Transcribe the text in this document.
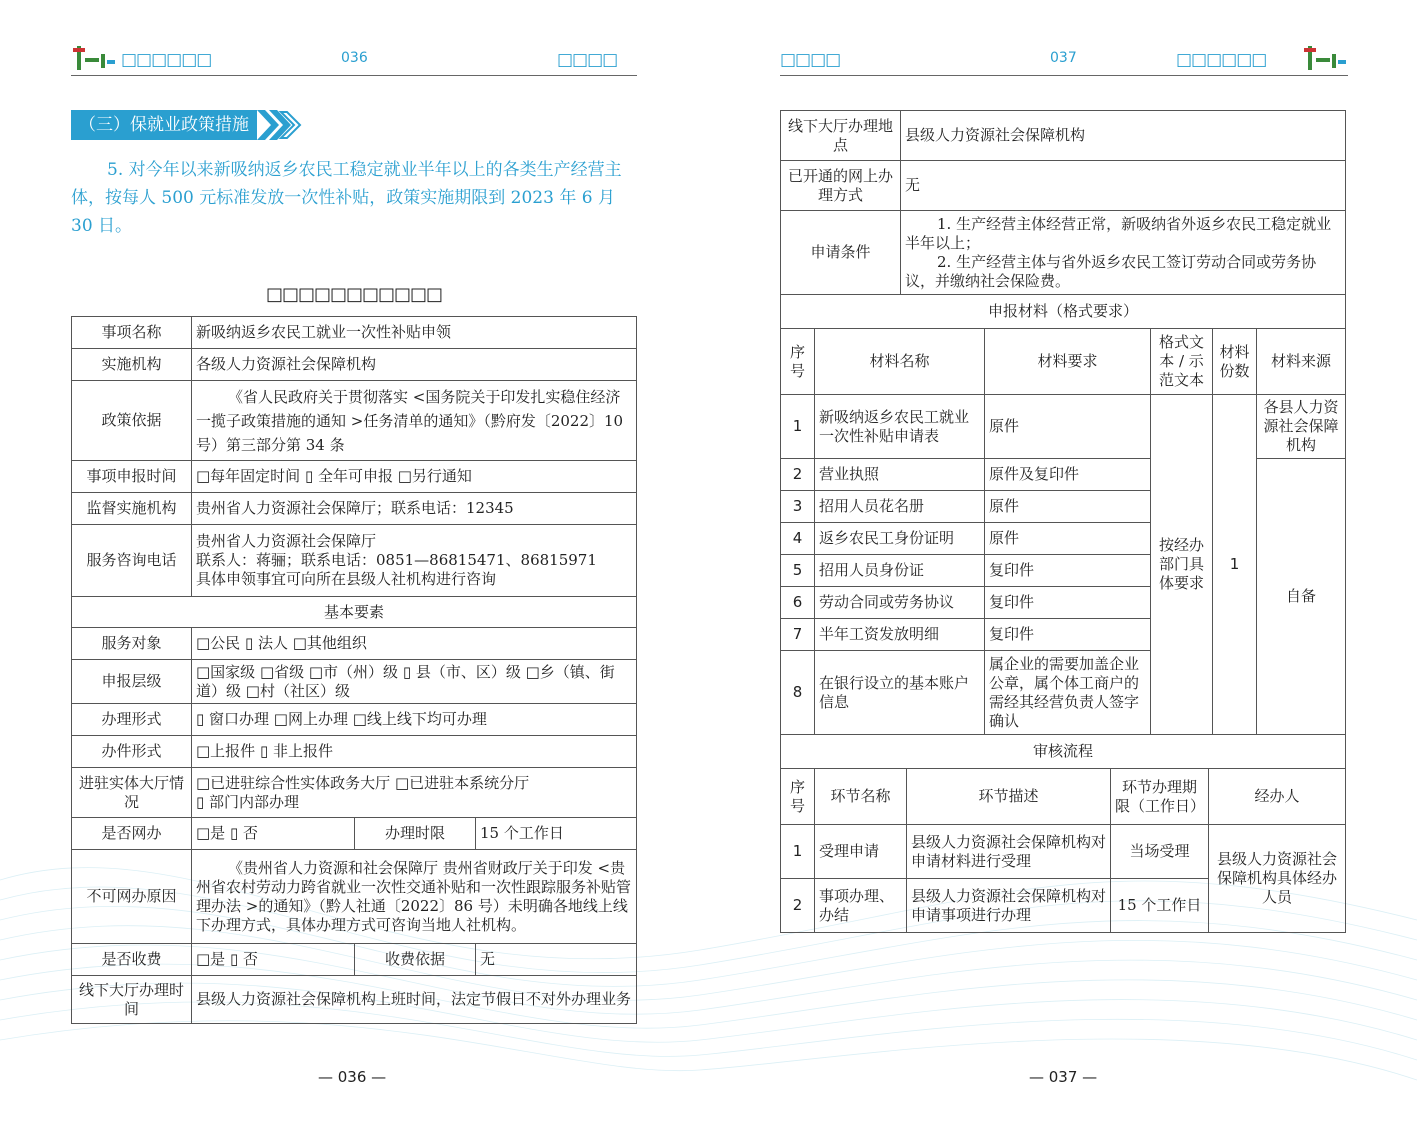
□□□□□□	036	□□□□
（三）保就业政策措施
5. 对今年以来新吸纳返乡农民工稳定就业半年以上的各类生产经营主体，按每人 500 元标准发放一次性补贴，政策实施期限到 2023 年 6 月 30 日。
□□□□□□□□□□□
事项名称	新吸纳返乡农民工就业一次性补贴申领		
实施机构	各级人力资源社会保障机构		
政策依据	《省人民政府关于贯彻落实 <国务院关于印发扎实稳住经济一揽子政策措施的通知 >任务清单的通知》（黔府发〔2022〕10 号）第三部分第 34 条		
事项申报时间	□每年固定时间 ▯ 全年可申报 □另行通知		
监督实施机构	贵州省人力资源社会保障厅；联系电话：12345		
服务咨询电话	贵州省人力资源社会保障厅
联系人：蒋骊；联系电话：0851—86815471、86815971
具体申领事宜可向所在县级人社机构进行咨询		

基本要素			
服务对象	□公民 ▯ 法人 □其他组织		
申报层级	□国家级 □省级 □市（州）级 ▯ 县（市、区）级 □乡（镇、街道）级 □村（社区）级		
办理形式	▯ 窗口办理 □网上办理 □线上线下均可办理		
办件形式	□上报件 ▯ 非上报件		
进驻实体大厅情况	□已进驻综合性实体政务大厅 □已进驻本系统分厅
▯ 部门内部办理		

是否网办	□是 ▯ 否	办理时限	15 个工作日
不可网办原因	《贵州省人力资源和社会保障厅 贵州省财政厅关于印发 <贵州省农村劳动力跨省就业一次性交通补贴和一次性跟踪服务补贴管理办法 >的通知》（黔人社通〔2022〕86 号）未明确各地线上线下办理方式，具体办理方式可咨询当地人社机构。		
是否收费	□是 ▯ 否	收费依据	无
线下大厅办理时间	县级人力资源社会保障机构上班时间，法定节假日不对外办理业务		
— 036 —
□□□□	037	□□□□□□
线下大厅办理地点	县级人力资源社会保障机构
已开通的网上办理方式	无
申请条件	1. 生产经营主体经营正常，新吸纳省外返乡农民工稳定就业半年以上；
2. 生产经营主体与省外返乡农民工签订劳动合同或劳务协议，并缴纳社会保险费。
申报材料（格式要求）					
序号	材料名称	材料要求	格式文本 / 示范文本	材料份数	材料来源
1	新吸纳返乡农民工就业一次性补贴申请表	原件	按经办部门具体要求	1	各县人力资源社会保障机构
2	营业执照	原件及复印件			自备
3	招用人员花名册	原件			
4	返乡农民工身份证明	原件			
5	招用人员身份证	复印件			
6	劳动合同或劳务协议	复印件			
7	半年工资发放明细	复印件			
8	在银行设立的基本账户信息	属企业的需要加盖企业公章，属个体工商户的需经其经营负责人签字确认			
审核流程				
序号	环节名称	环节描述	环节办理期限（工作日）	经办人
1	受理申请	县级人力资源社会保障机构对申请材料进行受理	当场受理	县级人力资源社会保障机构具体经办人员
2	事项办理、办结	县级人力资源社会保障机构对申请事项进行办理	15 个工作日	
— 037 —
